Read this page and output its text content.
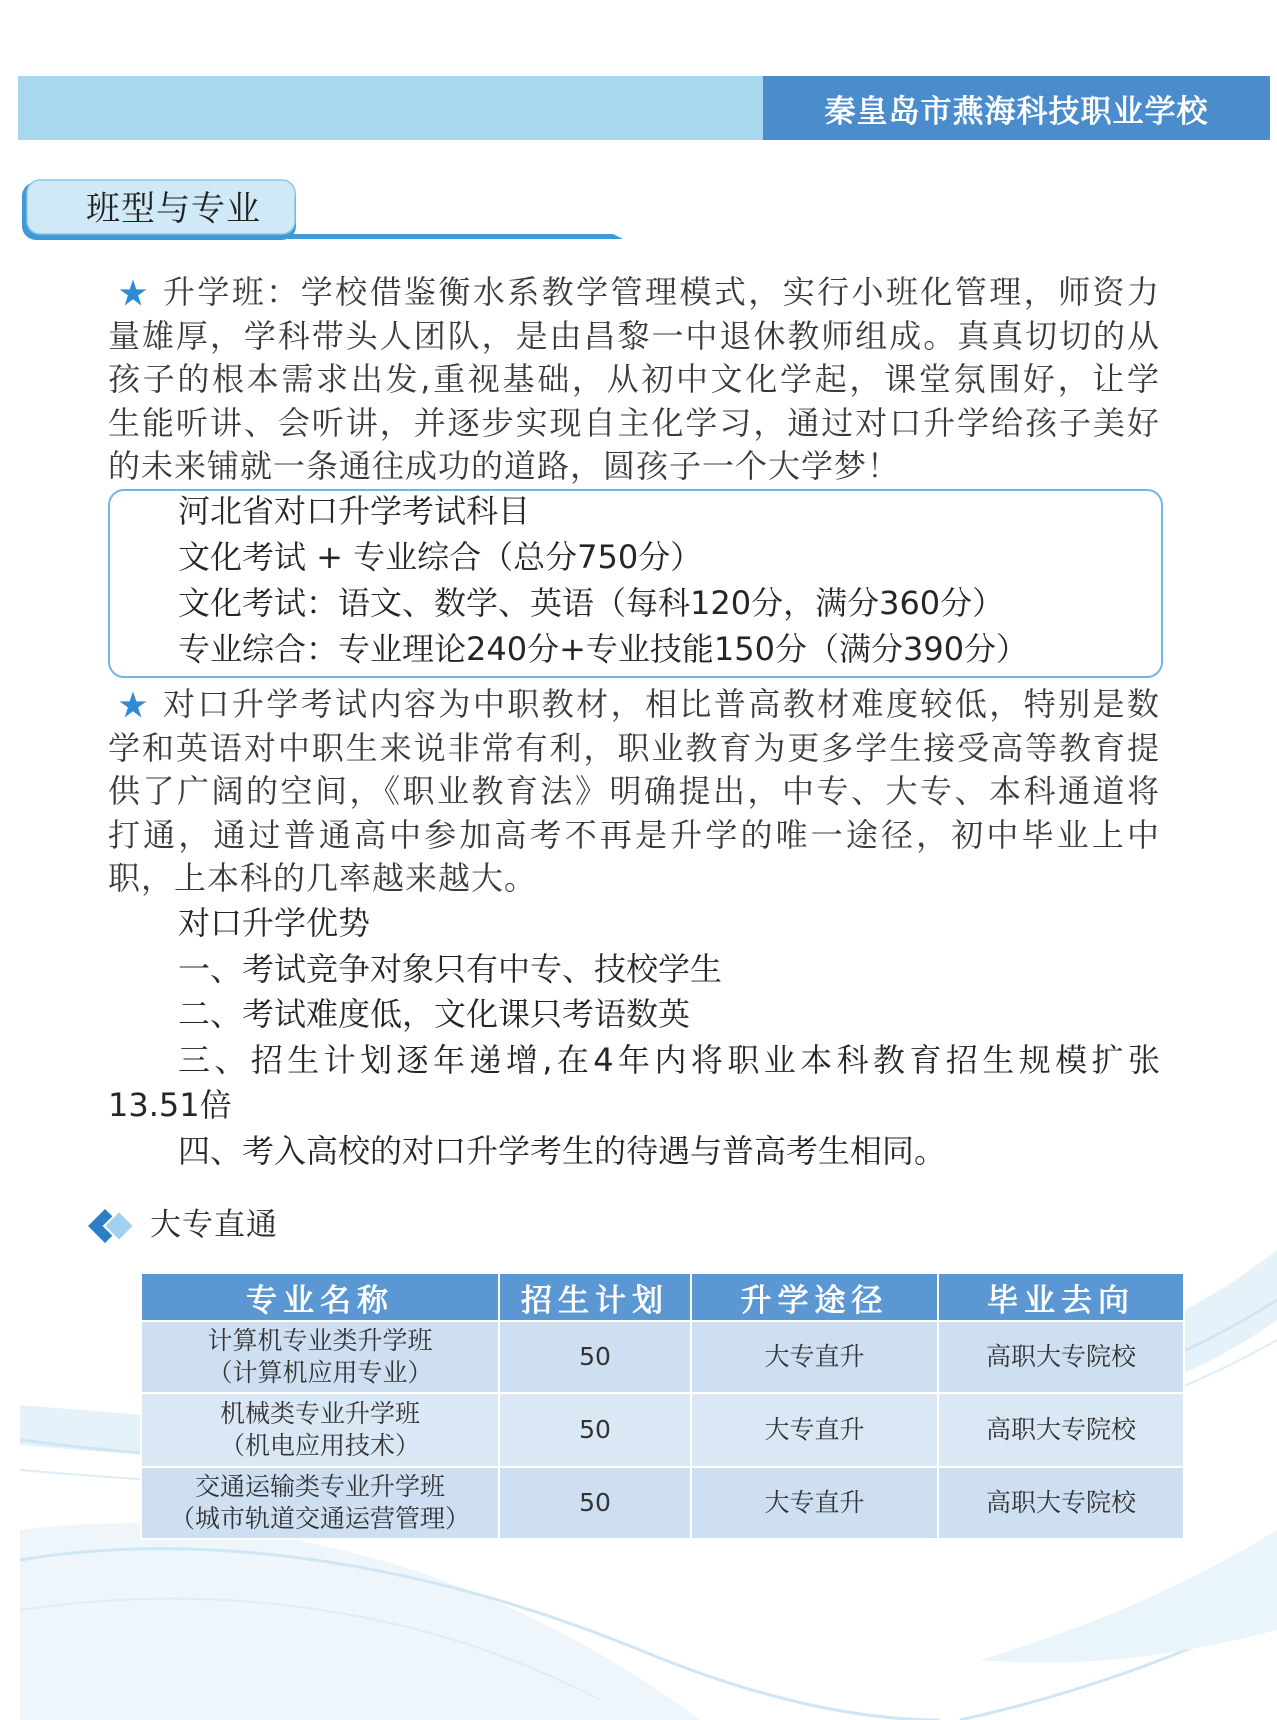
秦皇岛市燕海科技职业学校
班型与专业
升学班：学校借鉴衡水系教学管理模式，实行小班化管理，师资力
量雄厚，学科带头人团队，是由昌黎一中退休教师组成。真真切切的从
孩子的根本需求出发,重视基础，从初中文化学起，课堂氛围好，让学
生能听讲、会听讲，并逐步实现自主化学习，通过对口升学给孩子美好
的未来铺就一条通往成功的道路，圆孩子一个大学梦！
河北省对口升学考试科目
文化考试 + 专业综合（总分750分）
文化考试：语文、数学、英语（每科120分，满分360分）
专业综合：专业理论240分+专业技能150分（满分390分）
对口升学考试内容为中职教材，相比普高教材难度较低，特别是数
学和英语对中职生来说非常有利，职业教育为更多学生接受高等教育提
供了广阔的空间，《职业教育法》明确提出，中专、大专、本科通道将
打通，通过普通高中参加高考不再是升学的唯一途径，初中毕业上中
职，上本科的几率越来越大。
对口升学优势
一、考试竞争对象只有中专、技校学生
二、考试难度低，文化课只考语数英
三、招生计划逐年递增,在4年内将职业本科教育招生规模扩张
13.51倍
四、考入高校的对口升学考生的待遇与普高考生相同。
大专直通
专业名称	招生计划	升学途径	毕业去向

计算机专业类升学班
（计算机应用专业）	50	大专直升	高职大专院校

机械类专业升学班
（机电应用技术）	50	大专直升	高职大专院校

交通运输类专业升学班
（城市轨道交通运营管理）	50	大专直升	高职大专院校
